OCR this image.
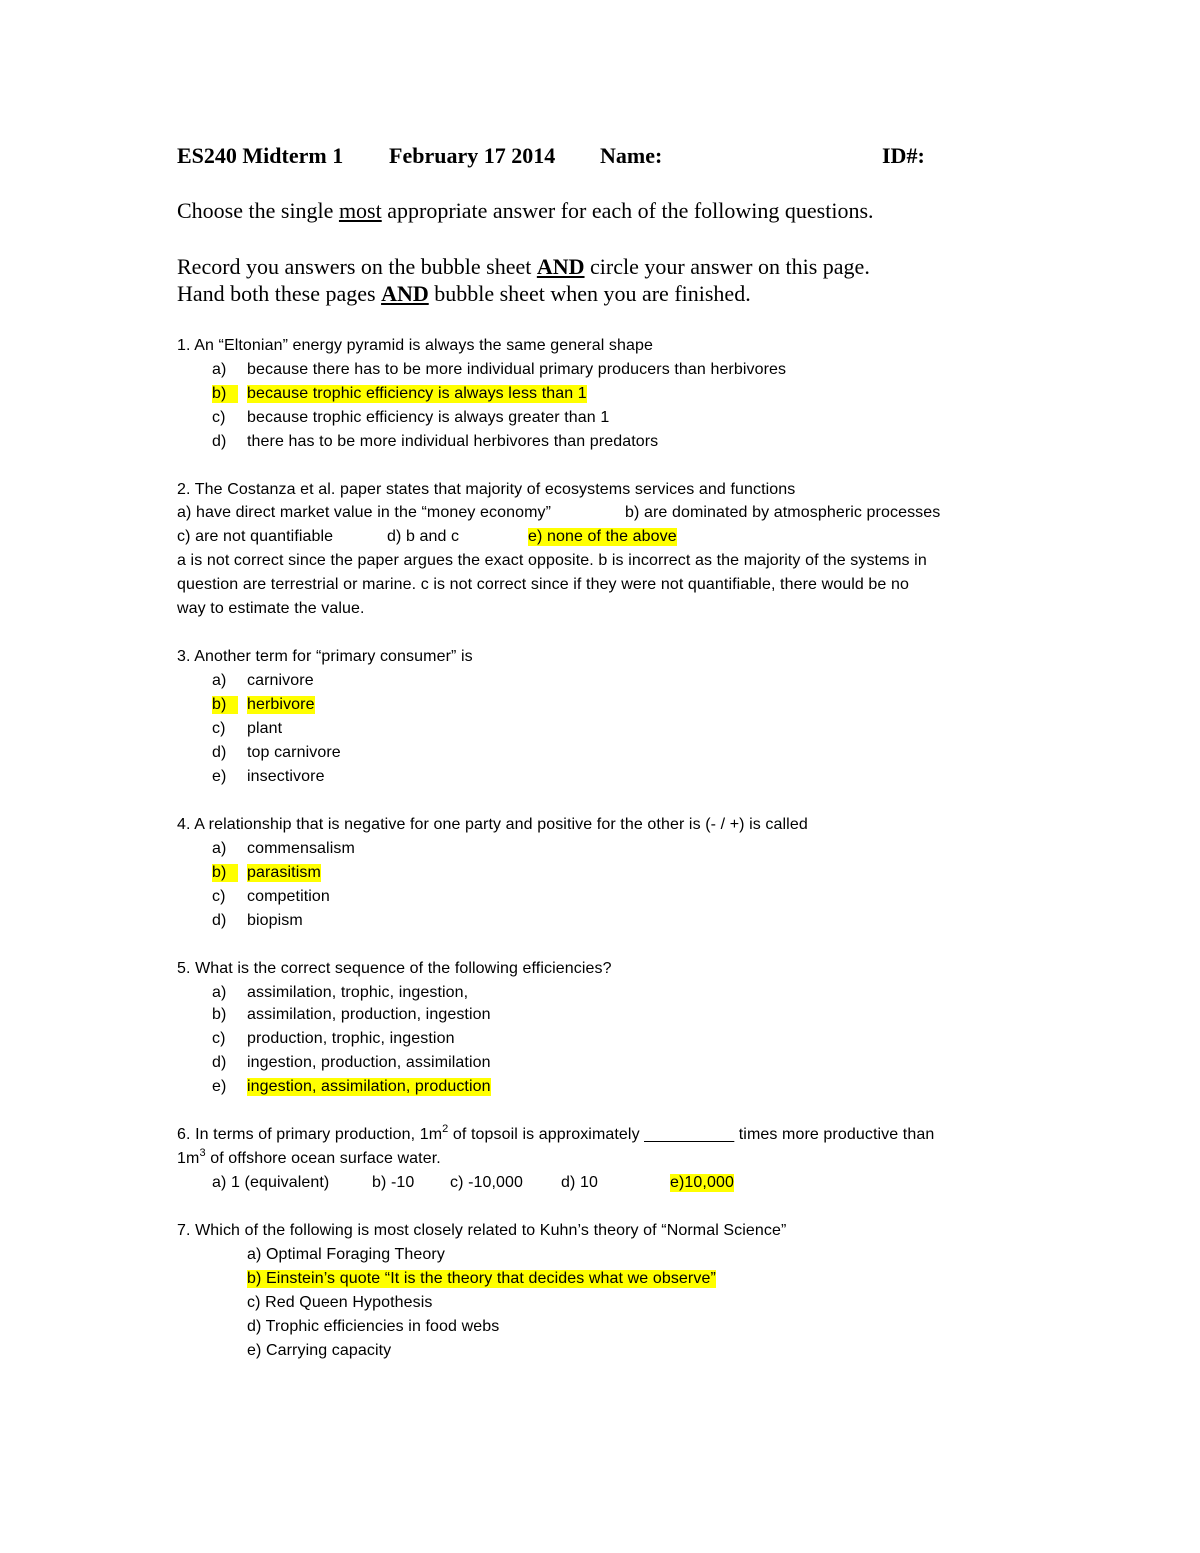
ES240 Midterm 1 February 17 2014 Name:	ID#:
Choose the single most appropriate answer for each of the following questions.
Record you answers on the bubble sheet AND circle your answer on this page.
Hand both these pages AND bubble sheet when you are finished.
1. An “Eltonian” energy pyramid is always the same general shape
a) because there has to be more individual primary producers than herbivores
b)	because trophic efficiency is always less than 1
c) because trophic efficiency is always greater than 1
d) there has to be more individual herbivores than predators
2. The Costanza et al. paper states that majority of ecosystems services and functions
a) have direct market value in the “money economy”	b) are dominated by atmospheric processes
c) are not quantifiable	d) b and c	e) none of the above
a is not correct since the paper argues the exact opposite. b is incorrect as the majority of the systems in
question are terrestrial or marine. c is not correct since if they were not quantifiable, there would be no
way to estimate the value.
3. Another term for “primary consumer” is
a) carnivore
b)	herbivore
c) plant
d) top carnivore
e) insectivore
4. A relationship that is negative for one party and positive for the other is (- / +) is called
a) commensalism
b)	parasitism
c) competition
d) biopism
5. What is the correct sequence of the following efficiencies?
a) assimilation, trophic, ingestion,
b) assimilation, production, ingestion
c) production, trophic, ingestion
d) ingestion, production, assimilation
e) ingestion, assimilation, production
6. In terms of primary production, $1m^2$ of topsoil is approximately __________ times more productive than
$1m^3$ of offshore ocean surface water.
a) 1 (equivalent)	b) -10 c) -10,000 d) 10	e)10,000
7. Which of the following is most closely related to Kuhn’s theory of “Normal Science”
a) Optimal Foraging Theory
b) Einstein’s quote “It is the theory that decides what we observe”
c) Red Queen Hypothesis
d) Trophic efficiencies in food webs
e) Carrying capacity
